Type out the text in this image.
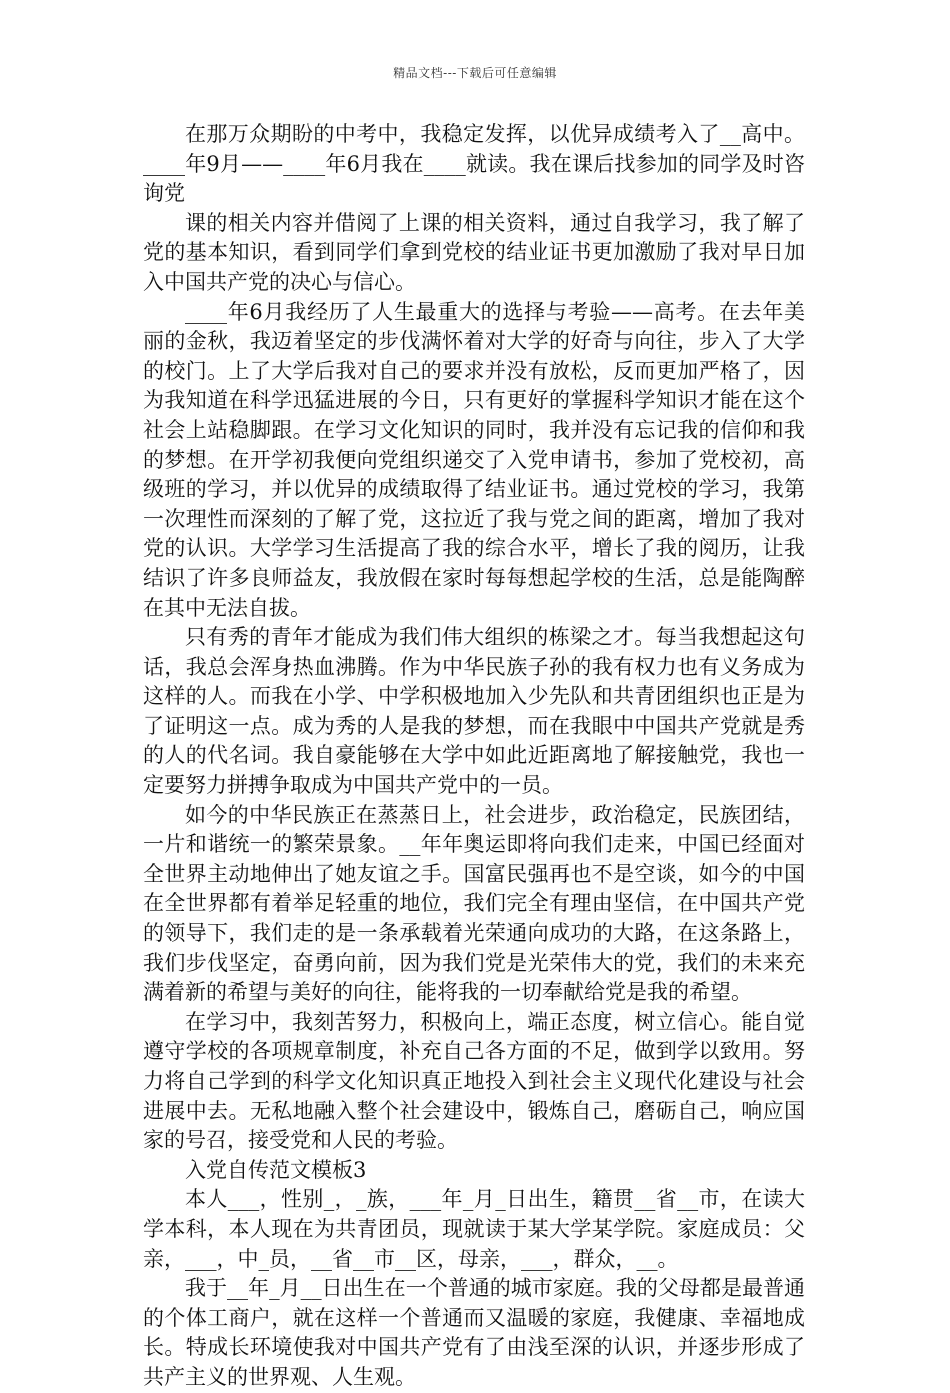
精品文档---下载后可任意编辑

在那万众期盼的中考中，我稳定发挥，以优异成绩考入了__高中。____年9月——____年6月我在____就读。我在课后找参加的同学及时咨询党

课的相关内容并借阅了上课的相关资料，通过自我学习，我了解了党的基本知识，看到同学们拿到党校的结业证书更加激励了我对早日加入中国共产党的决心与信心。

____年6月我经历了人生最重大的选择与考验——高考。在去年美丽的金秋，我迈着坚定的步伐满怀着对大学的好奇与向往，步入了大学的校门。上了大学后我对自己的要求并没有放松，反而更加严格了，因为我知道在科学迅猛进展的今日，只有更好的掌握科学知识才能在这个社会上站稳脚跟。在学习文化知识的同时，我并没有忘记我的信仰和我的梦想。在开学初我便向党组织递交了入党申请书，参加了党校初，高级班的学习，并以优异的成绩取得了结业证书。通过党校的学习，我第一次理性而深刻的了解了党，这拉近了我与党之间的距离，增加了我对党的认识。大学学习生活提高了我的综合水平，增长了我的阅历，让我结识了许多良师益友，我放假在家时每每想起学校的生活，总是能陶醉在其中无法自拔。

只有秀的青年才能成为我们伟大组织的栋梁之才。每当我想起这句话，我总会浑身热血沸腾。作为中华民族子孙的我有权力也有义务成为这样的人。而我在小学、中学积极地加入少先队和共青团组织也正是为了证明这一点。成为秀的人是我的梦想，而在我眼中中国共产党就是秀的人的代名词。我自豪能够在大学中如此近距离地了解接触党，我也一定要努力拼搏争取成为中国共产党中的一员。

如今的中华民族正在蒸蒸日上，社会进步，政治稳定，民族团结，一片和谐统一的繁荣景象。__年年奥运即将向我们走来，中国已经面对全世界主动地伸出了她友谊之手。国富民强再也不是空谈，如今的中国在全世界都有着举足轻重的地位，我们完全有理由坚信，在中国共产党的领导下，我们走的是一条承载着光荣通向成功的大路，在这条路上，我们步伐坚定，奋勇向前，因为我们党是光荣伟大的党，我们的未来充满着新的希望与美好的向往，能将我的一切奉献给党是我的希望。

在学习中，我刻苦努力，积极向上，端正态度，树立信心。能自觉遵守学校的各项规章制度，补充自己各方面的不足，做到学以致用。努力将自己学到的科学文化知识真正地投入到社会主义现代化建设与社会进展中去。无私地融入整个社会建设中，锻炼自己，磨砺自己，响应国家的号召，接受党和人民的考验。

入党自传范文模板3

本人___，性别_，_族，___年_月_日出生，籍贯__省__市，在读大学本科，本人现在为共青团员，现就读于某大学某学院。家庭成员：父亲，___，中_员，__省__市__区，母亲，___，群众，__。

我于__年_月__日出生在一个普通的城市家庭。我的父母都是最普通的个体工商户，就在这样一个普通而又温暖的家庭，我健康、幸福地成长。特成长环境使我对中国共产党有了由浅至深的认识，并逐步形成了共产主义的世界观、人生观。
